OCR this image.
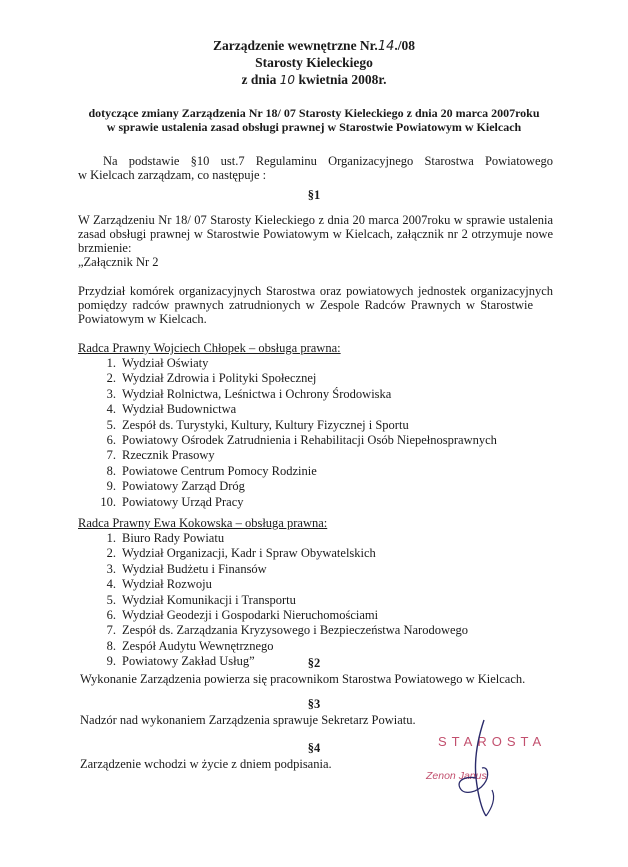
Zarządzenie wewnętrzne Nr.14./08
Starosty Kieleckiego
z dnia 10 kwietnia 2008r.
dotyczące zmiany Zarządzenia Nr 18/ 07 Starosty Kieleckiego z dnia 20 marca 2007roku
w sprawie ustalenia zasad obsługi prawnej w Starostwie Powiatowym w Kielcach
Na podstawie §10 ust.7 Regulaminu Organizacyjnego Starostwa Powiatowego
w Kielcach zarządzam, co następuje :
§1
W Zarządzeniu Nr 18/ 07 Starosty Kieleckiego z dnia 20 marca 2007roku w sprawie ustalenia
zasad obsługi prawnej w Starostwie Powiatowym w Kielcach, załącznik nr 2 otrzymuje nowe
brzmienie:
„Załącznik Nr 2
Przydział komórek organizacyjnych Starostwa oraz powiatowych jednostek organizacyjnych
pomiędzy radców prawnych zatrudnionych w Zespole Radców Prawnych w Starostwie
Powiatowym w Kielcach.
Radca Prawny Wojciech Chłopek – obsługa prawna:
1. Wydział Oświaty
2. Wydział Zdrowia i Polityki Społecznej
3. Wydział Rolnictwa, Leśnictwa i Ochrony Środowiska
4. Wydział Budownictwa
5. Zespół ds. Turystyki, Kultury, Kultury Fizycznej i Sportu
6. Powiatowy Ośrodek Zatrudnienia i Rehabilitacji Osób Niepełnosprawnych
7. Rzecznik Prasowy
8. Powiatowe Centrum Pomocy Rodzinie
9. Powiatowy Zarząd Dróg
10. Powiatowy Urząd Pracy
Radca Prawny Ewa Kokowska – obsługa prawna:
1. Biuro Rady Powiatu
2. Wydział Organizacji, Kadr i Spraw Obywatelskich
3. Wydział Budżetu i Finansów
4. Wydział Rozwoju
5. Wydział Komunikacji i Transportu
6. Wydział Geodezji i Gospodarki Nieruchomościami
7. Zespół ds. Zarządzania Kryzysowego i Bezpieczeństwa Narodowego
8. Zespół Audytu Wewnętrznego
9. Powiatowy Zakład Usług”	§2
Wykonanie Zarządzenia powierza się pracownikom Starostwa Powiatowego w Kielcach.
§3
Nadzór nad wykonaniem Zarządzenia sprawuje Sekretarz Powiatu.
§4
Zarządzenie wchodzi w życie z dniem podpisania.
STAROSTA
Zenon Janus
